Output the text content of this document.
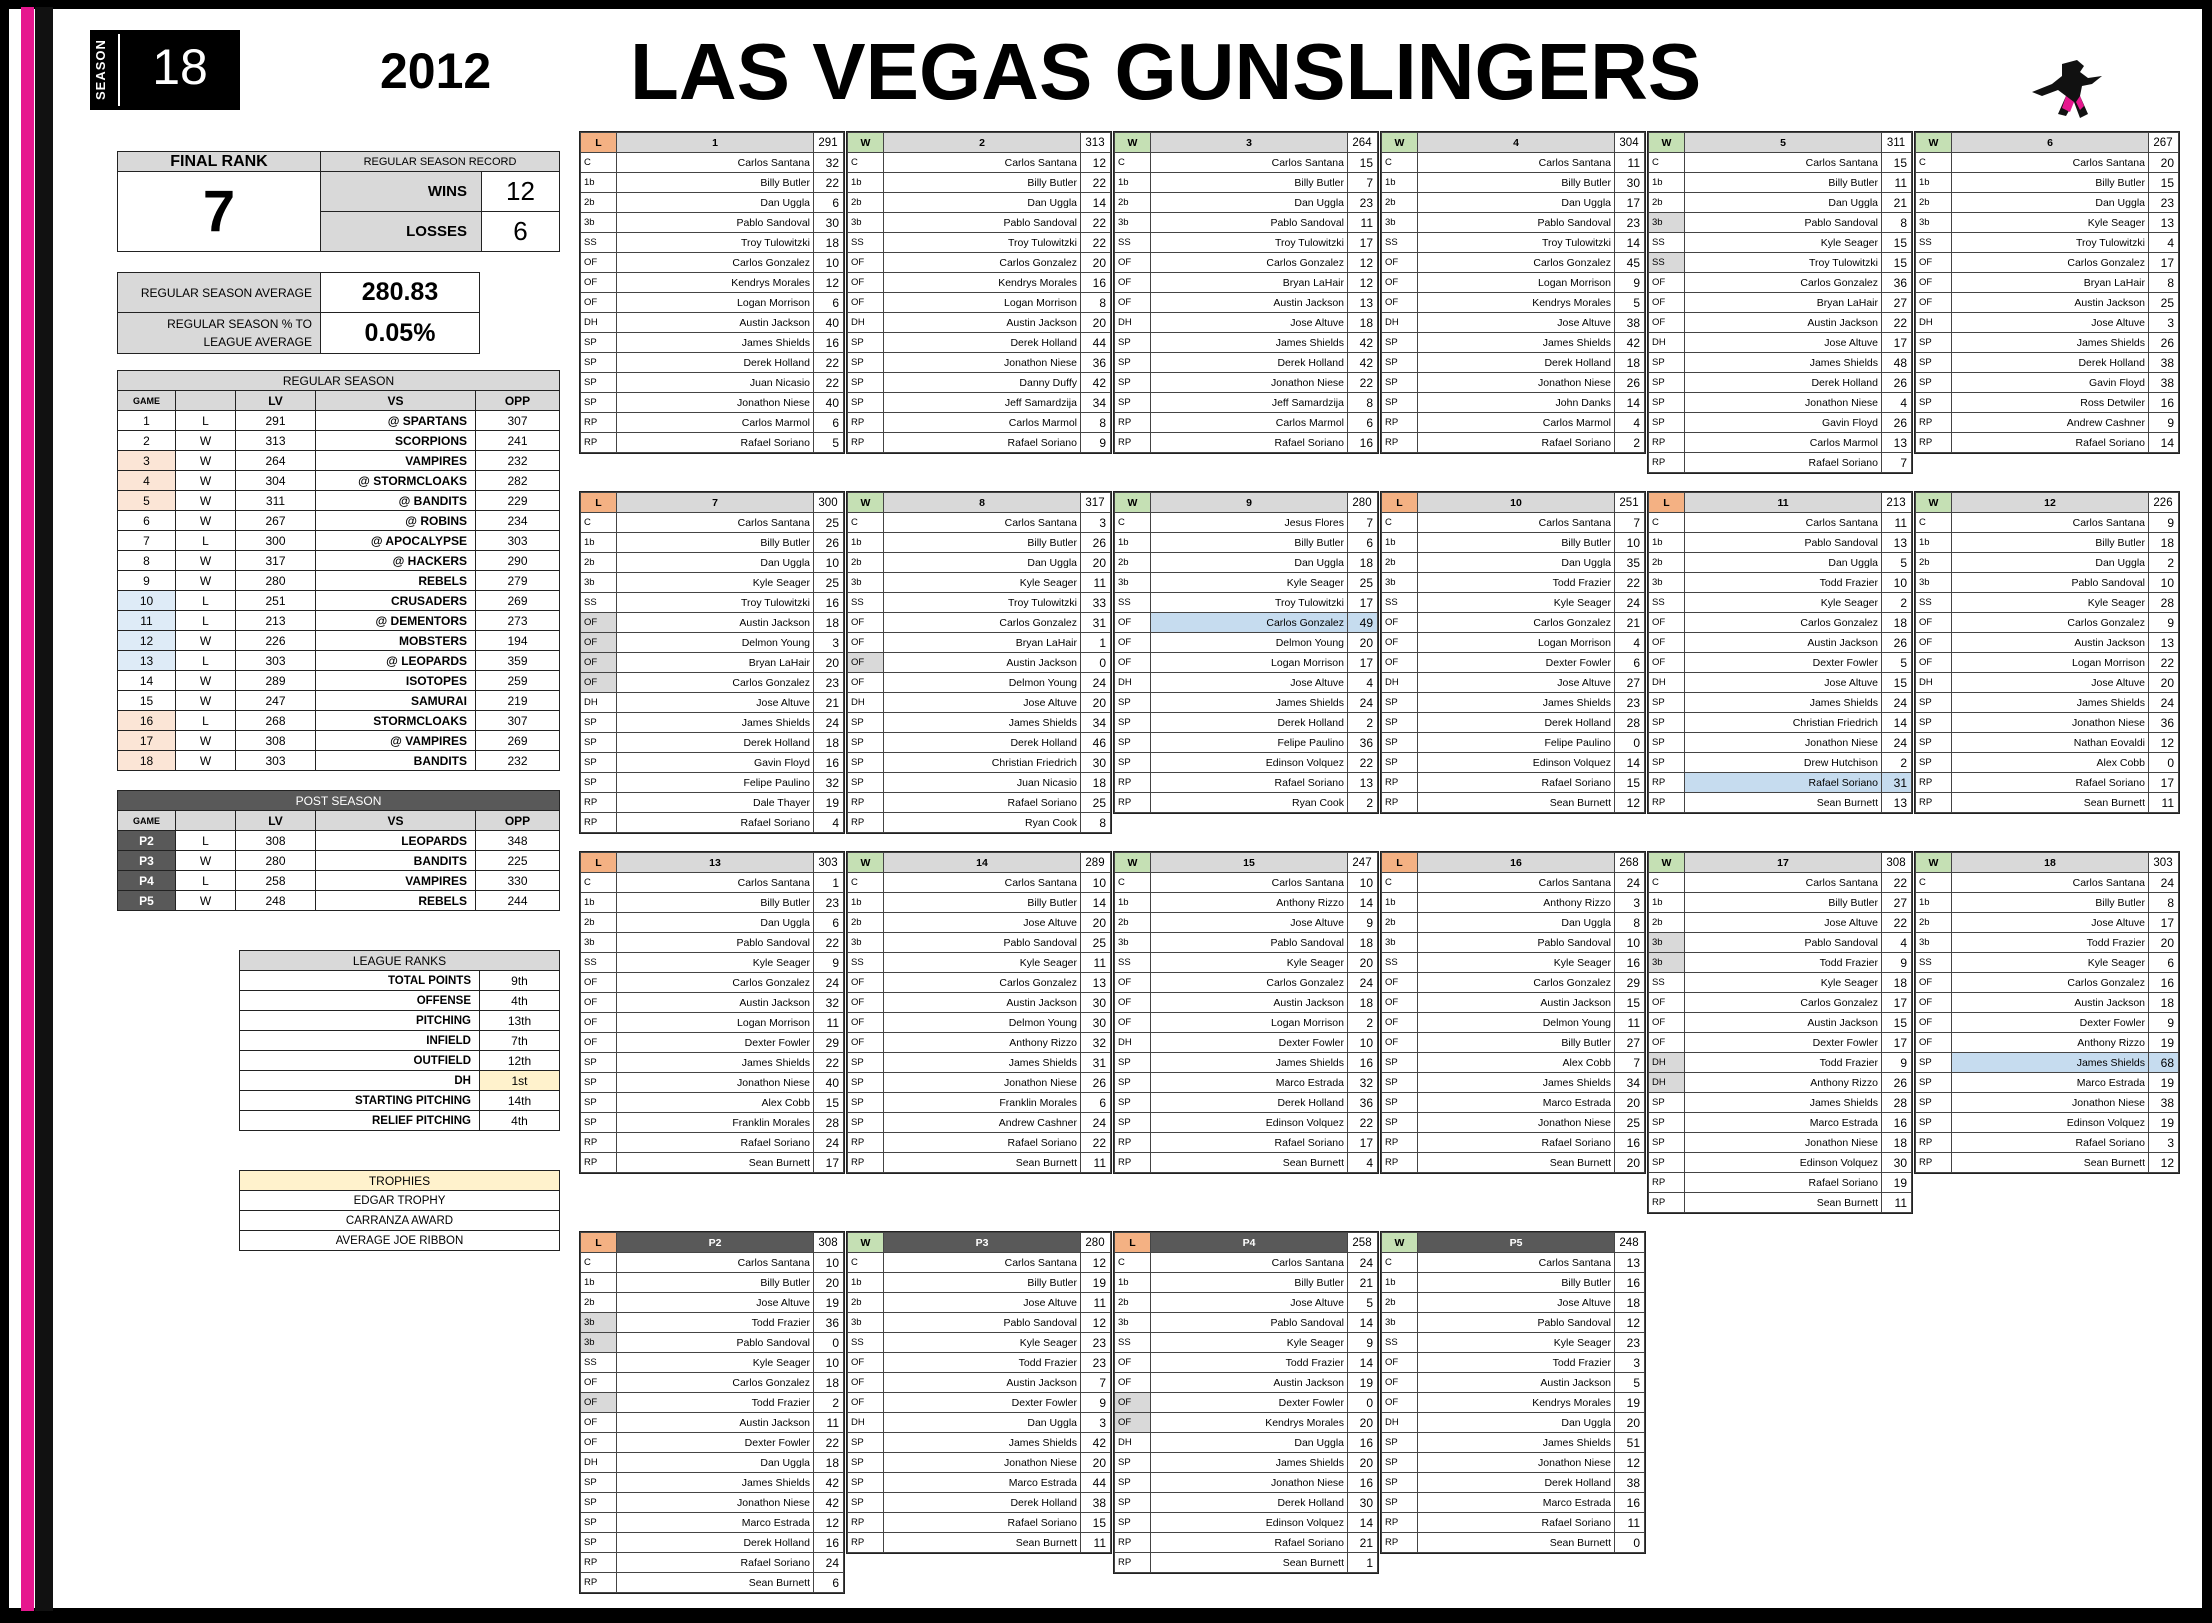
SEASON 18	2012 LAS VEGAS GUNSLINGERS
FINAL RANK	REGULAR SEASON RECORD	
7	WINS	12
	LOSSES	6
REGULAR SEASON AVERAGE	280.83
REGULAR SEASON % TO LEAGUE AVERAGE	0.05%
REGULAR SEASON				
GAME		LV	VS	OPP
1	L	291	@ SPARTANS	307
2	W	313	SCORPIONS	241
3	W	264	VAMPIRES	232
4	W	304	@ STORMCLOAKS	282
5	W	311	@ BANDITS	229
6	W	267	@ ROBINS	234
7	L	300	@ APOCALYPSE	303
8	W	317	@ HACKERS	290
9	W	280	REBELS	279
10	L	251	CRUSADERS	269
11	L	213	@ DEMENTORS	273
12	W	226	MOBSTERS	194
13	L	303	@ LEOPARDS	359
14	W	289	ISOTOPES	259
15	W	247	SAMURAI	219
16	L	268	STORMCLOAKS	307
17	W	308	@ VAMPIRES	269
18	W	303	BANDITS	232
POST SEASON				
GAME		LV	VS	OPP
P2	L	308	LEOPARDS	348
P3	W	280	BANDITS	225
P4	L	258	VAMPIRES	330
P5	W	248	REBELS	244
LEAGUE RANKS	
TOTAL POINTS	9th
OFFENSE	4th
PITCHING	13th
INFIELD	7th
OUTFIELD	12th
DH	1st
STARTING PITCHING	14th
RELIEF PITCHING	4th
TROPHIES
EDGAR TROPHY
CARRANZA AWARD
AVERAGE JOE RIBBON
L	1	291
C	Carlos Santana	32
1b	Billy Butler	22
2b	Dan Uggla	6
3b	Pablo Sandoval	30
SS	Troy Tulowitzki	18
OF	Carlos Gonzalez	10
OF	Kendrys Morales	12
OF	Logan Morrison	6
DH	Austin Jackson	40
SP	James Shields	16
SP	Derek Holland	22
SP	Juan Nicasio	22
SP	Jonathon Niese	40
RP	Carlos Marmol	6
RP	Rafael Soriano	5
W	2	313
C	Carlos Santana	12
1b	Billy Butler	22
2b	Dan Uggla	14
3b	Pablo Sandoval	22
SS	Troy Tulowitzki	22
OF	Carlos Gonzalez	20
OF	Kendrys Morales	16
OF	Logan Morrison	8
DH	Austin Jackson	20
SP	Derek Holland	44
SP	Jonathon Niese	36
SP	Danny Duffy	42
SP	Jeff Samardzija	34
RP	Carlos Marmol	8
RP	Rafael Soriano	9
W	3	264
C	Carlos Santana	15
1b	Billy Butler	7
2b	Dan Uggla	23
3b	Pablo Sandoval	11
SS	Troy Tulowitzki	17
OF	Carlos Gonzalez	12
OF	Bryan LaHair	12
OF	Austin Jackson	13
DH	Jose Altuve	18
SP	James Shields	42
SP	Derek Holland	42
SP	Jonathon Niese	22
SP	Jeff Samardzija	8
RP	Carlos Marmol	6
RP	Rafael Soriano	16
W	4	304
C	Carlos Santana	11
1b	Billy Butler	30
2b	Dan Uggla	17
3b	Pablo Sandoval	23
SS	Troy Tulowitzki	14
OF	Carlos Gonzalez	45
OF	Logan Morrison	9
OF	Kendrys Morales	5
DH	Jose Altuve	38
SP	James Shields	42
SP	Derek Holland	18
SP	Jonathon Niese	26
SP	John Danks	14
RP	Carlos Marmol	4
RP	Rafael Soriano	2
W	5	311
C	Carlos Santana	15
1b	Billy Butler	11
2b	Dan Uggla	21
3b	Pablo Sandoval	8
SS	Kyle Seager	15
SS	Troy Tulowitzki	15
OF	Carlos Gonzalez	36
OF	Bryan LaHair	27
OF	Austin Jackson	22
DH	Jose Altuve	17
SP	James Shields	48
SP	Derek Holland	26
SP	Jonathon Niese	4
SP	Gavin Floyd	26
RP	Carlos Marmol	13
RP	Rafael Soriano	7
W	6	267
C	Carlos Santana	20
1b	Billy Butler	15
2b	Dan Uggla	23
3b	Kyle Seager	13
SS	Troy Tulowitzki	4
OF	Carlos Gonzalez	17
OF	Bryan LaHair	8
OF	Austin Jackson	25
DH	Jose Altuve	3
SP	James Shields	26
SP	Derek Holland	38
SP	Gavin Floyd	38
SP	Ross Detwiler	16
RP	Andrew Cashner	9
RP	Rafael Soriano	14
L	7	300
C	Carlos Santana	25
1b	Billy Butler	26
2b	Dan Uggla	10
3b	Kyle Seager	25
SS	Troy Tulowitzki	16
OF	Austin Jackson	18
OF	Delmon Young	3
OF	Bryan LaHair	20
OF	Carlos Gonzalez	23
DH	Jose Altuve	21
SP	James Shields	24
SP	Derek Holland	18
SP	Gavin Floyd	16
SP	Felipe Paulino	32
RP	Dale Thayer	19
RP	Rafael Soriano	4
W	8	317
C	Carlos Santana	3
1b	Billy Butler	26
2b	Dan Uggla	20
3b	Kyle Seager	11
SS	Troy Tulowitzki	33
OF	Carlos Gonzalez	31
OF	Bryan LaHair	1
OF	Austin Jackson	0
OF	Delmon Young	24
DH	Jose Altuve	20
SP	James Shields	34
SP	Derek Holland	46
SP	Christian Friedrich	30
SP	Juan Nicasio	18
RP	Rafael Soriano	25
RP	Ryan Cook	8
W	9	280
C	Jesus Flores	7
1b	Billy Butler	6
2b	Dan Uggla	18
3b	Kyle Seager	25
SS	Troy Tulowitzki	17
OF	Carlos Gonzalez	49
OF	Delmon Young	20
OF	Logan Morrison	17
DH	Jose Altuve	4
SP	James Shields	24
SP	Derek Holland	2
SP	Felipe Paulino	36
SP	Edinson Volquez	22
RP	Rafael Soriano	13
RP	Ryan Cook	2
L	10	251
C	Carlos Santana	7
1b	Billy Butler	10
2b	Dan Uggla	35
3b	Todd Frazier	22
SS	Kyle Seager	24
OF	Carlos Gonzalez	21
OF	Logan Morrison	4
OF	Dexter Fowler	6
DH	Jose Altuve	27
SP	James Shields	23
SP	Derek Holland	28
SP	Felipe Paulino	0
SP	Edinson Volquez	14
RP	Rafael Soriano	15
RP	Sean Burnett	12
L	11	213
C	Carlos Santana	11
1b	Pablo Sandoval	13
2b	Dan Uggla	5
3b	Todd Frazier	10
SS	Kyle Seager	2
OF	Carlos Gonzalez	18
OF	Austin Jackson	26
OF	Dexter Fowler	5
DH	Jose Altuve	15
SP	James Shields	24
SP	Christian Friedrich	14
SP	Jonathon Niese	24
SP	Drew Hutchison	2
RP	Rafael Soriano	31
RP	Sean Burnett	13
W	12	226
C	Carlos Santana	9
1b	Billy Butler	18
2b	Dan Uggla	2
3b	Pablo Sandoval	10
SS	Kyle Seager	28
OF	Carlos Gonzalez	9
OF	Austin Jackson	13
OF	Logan Morrison	22
DH	Jose Altuve	20
SP	James Shields	24
SP	Jonathon Niese	36
SP	Nathan Eovaldi	12
SP	Alex Cobb	0
RP	Rafael Soriano	17
RP	Sean Burnett	11
L	13	303
C	Carlos Santana	1
1b	Billy Butler	23
2b	Dan Uggla	6
3b	Pablo Sandoval	22
SS	Kyle Seager	9
OF	Carlos Gonzalez	24
OF	Austin Jackson	32
OF	Logan Morrison	11
OF	Dexter Fowler	29
SP	James Shields	22
SP	Jonathon Niese	40
SP	Alex Cobb	15
SP	Franklin Morales	28
RP	Rafael Soriano	24
RP	Sean Burnett	17
W	14	289
C	Carlos Santana	10
1b	Billy Butler	14
2b	Jose Altuve	20
3b	Pablo Sandoval	25
SS	Kyle Seager	11
OF	Carlos Gonzalez	13
OF	Austin Jackson	30
OF	Delmon Young	30
OF	Anthony Rizzo	32
SP	James Shields	31
SP	Jonathon Niese	26
SP	Franklin Morales	6
SP	Andrew Cashner	24
RP	Rafael Soriano	22
RP	Sean Burnett	11
W	15	247
C	Carlos Santana	10
1b	Anthony Rizzo	14
2b	Jose Altuve	9
3b	Pablo Sandoval	18
SS	Kyle Seager	20
OF	Carlos Gonzalez	24
OF	Austin Jackson	18
OF	Logan Morrison	2
DH	Dexter Fowler	10
SP	James Shields	16
SP	Marco Estrada	32
SP	Derek Holland	36
SP	Edinson Volquez	22
RP	Rafael Soriano	17
RP	Sean Burnett	4
L	16	268
C	Carlos Santana	24
1b	Anthony Rizzo	3
2b	Dan Uggla	8
3b	Pablo Sandoval	10
SS	Kyle Seager	16
OF	Carlos Gonzalez	29
OF	Austin Jackson	15
OF	Delmon Young	11
OF	Billy Butler	27
SP	Alex Cobb	7
SP	James Shields	34
SP	Marco Estrada	20
SP	Jonathon Niese	25
RP	Rafael Soriano	16
RP	Sean Burnett	20
W	17	308
C	Carlos Santana	22
1b	Billy Butler	27
2b	Jose Altuve	22
3b	Pablo Sandoval	4
3b	Todd Frazier	9
SS	Kyle Seager	18
OF	Carlos Gonzalez	17
OF	Austin Jackson	15
OF	Dexter Fowler	17
DH	Todd Frazier	9
DH	Anthony Rizzo	26
SP	James Shields	28
SP	Marco Estrada	16
SP	Jonathon Niese	18
SP	Edinson Volquez	30
RP	Rafael Soriano	19
RP	Sean Burnett	11
W	18	303
C	Carlos Santana	24
1b	Billy Butler	8
2b	Jose Altuve	17
3b	Todd Frazier	20
SS	Kyle Seager	6
OF	Carlos Gonzalez	16
OF	Austin Jackson	18
OF	Dexter Fowler	9
OF	Anthony Rizzo	19
SP	James Shields	68
SP	Marco Estrada	19
SP	Jonathon Niese	38
SP	Edinson Volquez	19
RP	Rafael Soriano	3
RP	Sean Burnett	12
L	P2	308
C	Carlos Santana	10
1b	Billy Butler	20
2b	Jose Altuve	19
3b	Todd Frazier	36
3b	Pablo Sandoval	0
SS	Kyle Seager	10
OF	Carlos Gonzalez	18
OF	Todd Frazier	2
OF	Austin Jackson	11
OF	Dexter Fowler	22
DH	Dan Uggla	18
SP	James Shields	42
SP	Jonathon Niese	42
SP	Marco Estrada	12
SP	Derek Holland	16
RP	Rafael Soriano	24
RP	Sean Burnett	6
W	P3	280
C	Carlos Santana	12
1b	Billy Butler	19
2b	Jose Altuve	11
3b	Pablo Sandoval	12
SS	Kyle Seager	23
OF	Todd Frazier	23
OF	Austin Jackson	7
OF	Dexter Fowler	9
DH	Dan Uggla	3
SP	James Shields	42
SP	Jonathon Niese	20
SP	Marco Estrada	44
SP	Derek Holland	38
RP	Rafael Soriano	15
RP	Sean Burnett	11
L	P4	258
C	Carlos Santana	24
1b	Billy Butler	21
2b	Jose Altuve	5
3b	Pablo Sandoval	14
SS	Kyle Seager	9
OF	Todd Frazier	14
OF	Austin Jackson	19
OF	Dexter Fowler	0
OF	Kendrys Morales	20
DH	Dan Uggla	16
SP	James Shields	20
SP	Jonathon Niese	16
SP	Derek Holland	30
SP	Edinson Volquez	14
RP	Rafael Soriano	21
RP	Sean Burnett	1
W	P5	248
C	Carlos Santana	13
1b	Billy Butler	16
2b	Jose Altuve	18
3b	Pablo Sandoval	12
SS	Kyle Seager	23
OF	Todd Frazier	3
OF	Austin Jackson	5
OF	Kendrys Morales	19
DH	Dan Uggla	20
SP	James Shields	51
SP	Jonathon Niese	12
SP	Derek Holland	38
SP	Marco Estrada	16
RP	Rafael Soriano	11
RP	Sean Burnett	0
